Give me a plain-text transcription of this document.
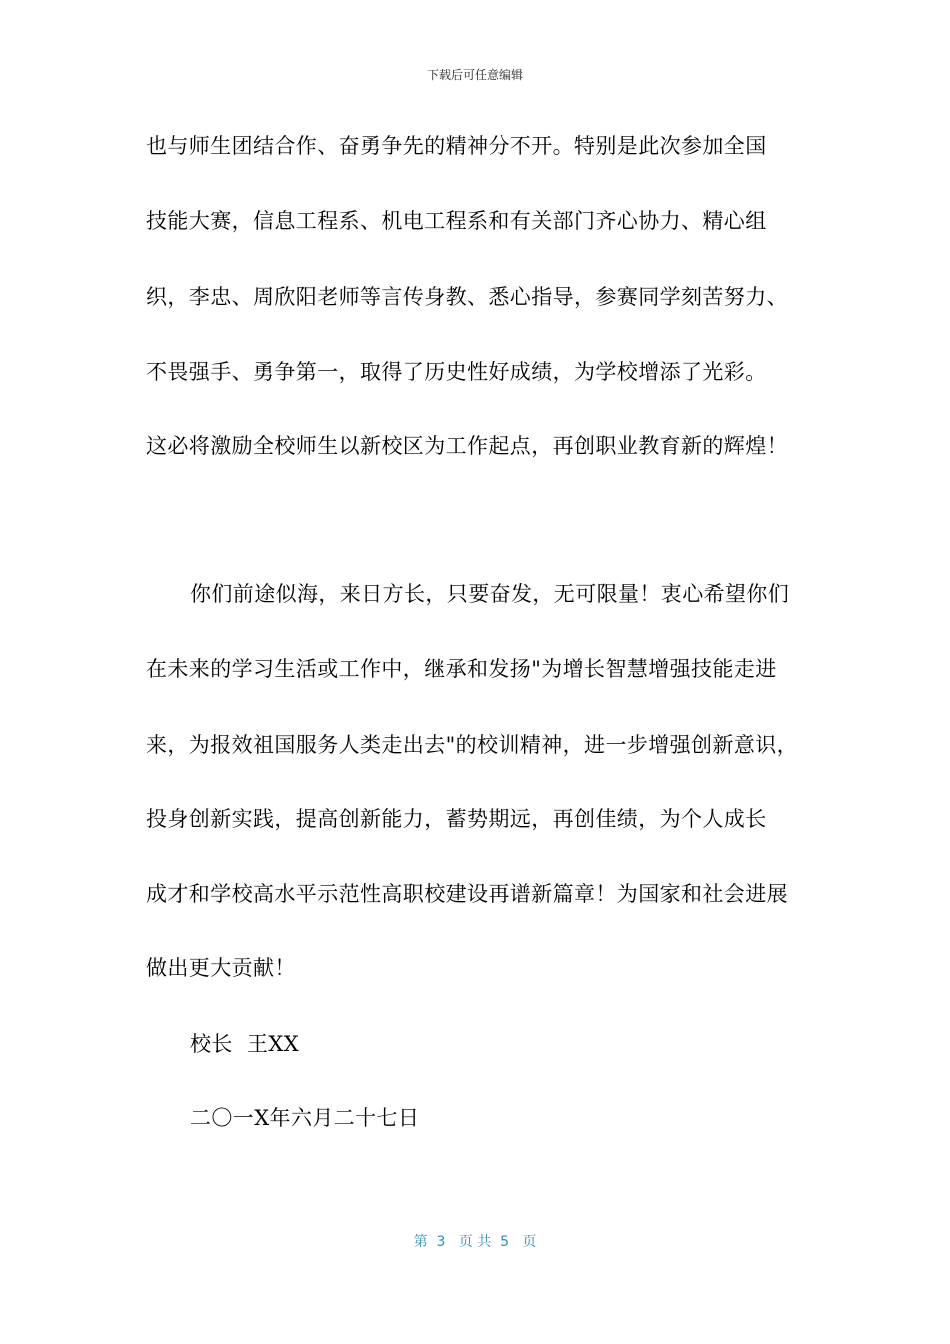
下载后可任意编辑
也与师生团结合作、奋勇争先的精神分不开。特别是此次参加全国
技能大赛，信息工程系、机电工程系和有关部门齐心协力、精心组
织，李忠、周欣阳老师等言传身教、悉心指导，参赛同学刻苦努力、
不畏强手、勇争第一，取得了历史性好成绩，为学校增添了光彩。
这必将激励全校师生以新校区为工作起点，再创职业教育新的辉煌！
你们前途似海，来日方长，只要奋发，无可限量！衷心希望你们
在未来的学习生活或工作中，继承和发扬"为增长智慧增强技能走进
来，为报效祖国服务人类走出去"的校训精神，进一步增强创新意识，
投身创新实践，提高创新能力，蓄势期远，再创佳绩，为个人成长
成才和学校高水平示范性高职校建设再谱新篇章！为国家和社会进展
做出更大贡献！
校长  王XX
二〇一X年六月二十七日
第  3   页 共  5   页
